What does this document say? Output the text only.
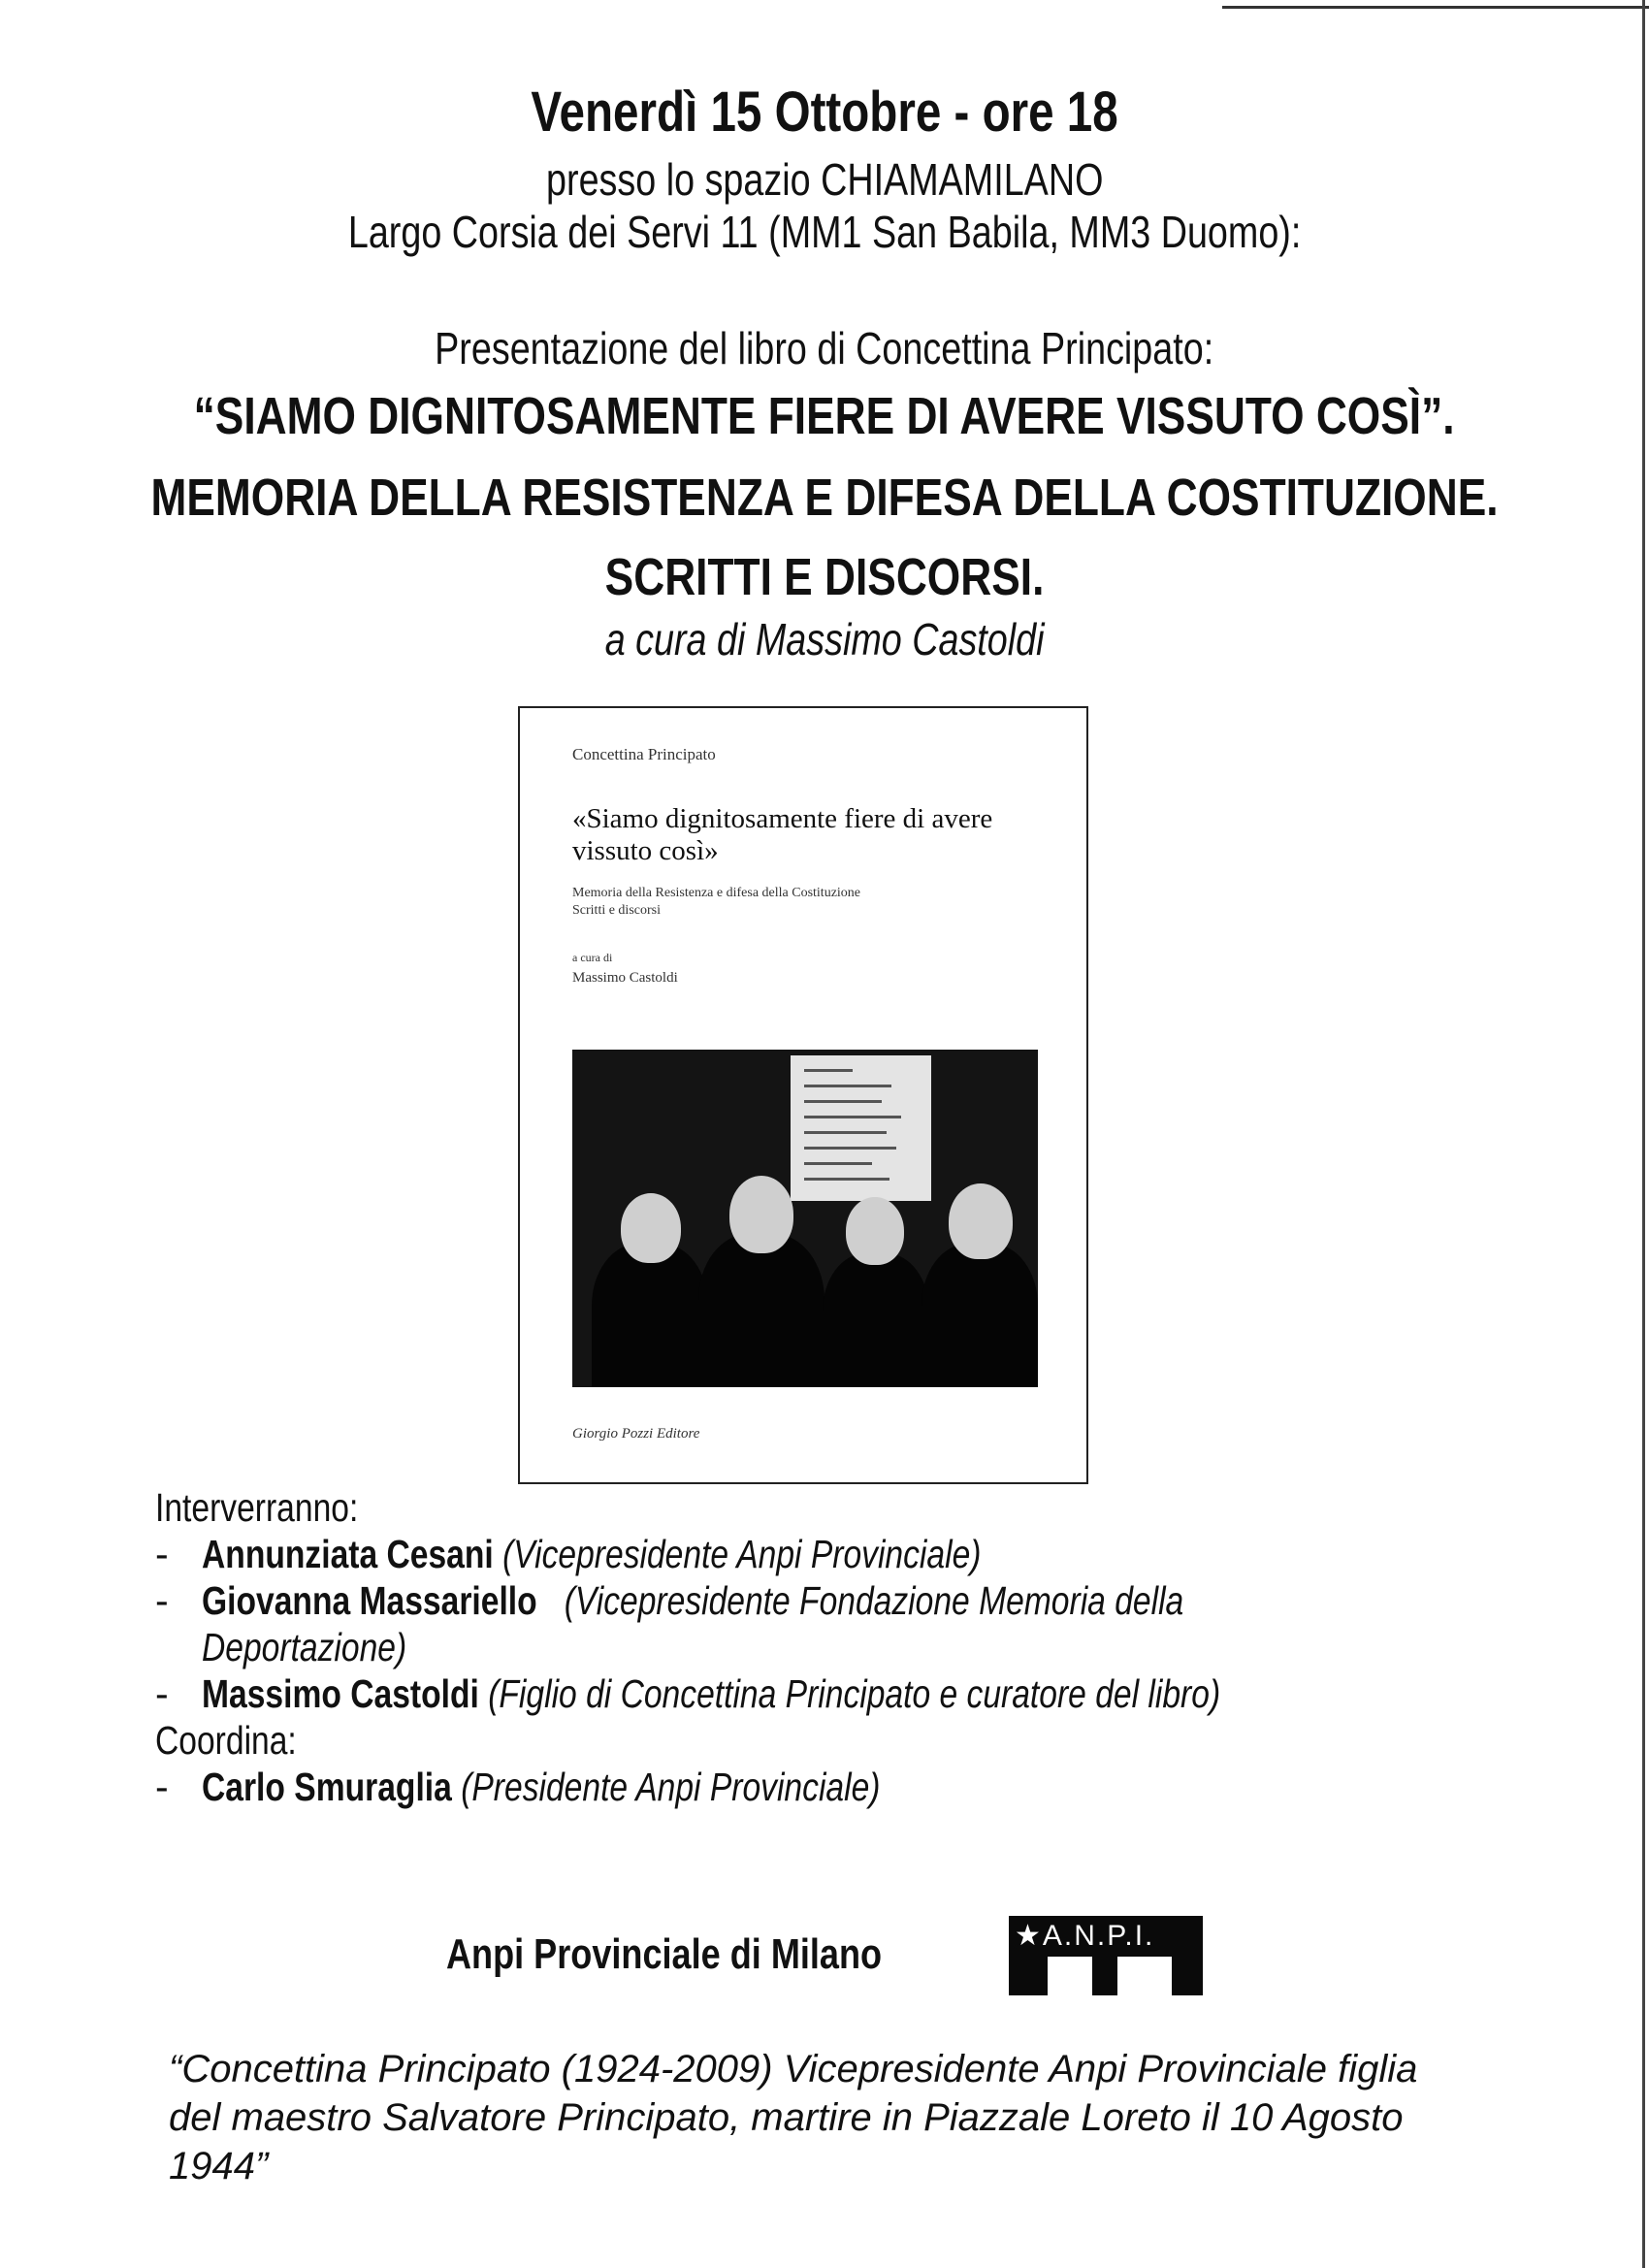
Venerdì 15 Ottobre - ore 18
presso lo spazio CHIAMAMILANO
Largo Corsia dei Servi 11 (MM1 San Babila, MM3 Duomo):
Presentazione del libro di Concettina Principato:
“SIAMO DIGNITOSAMENTE FIERE DI AVERE VISSUTO COSÌ”.
MEMORIA DELLA RESISTENZA E DIFESA DELLA COSTITUZIONE.
SCRITTI E DISCORSI.
a cura di Massimo Castoldi
Concettina Principato
«Siamo dignitosamente fiere di avere vissuto così»
Memoria della Resistenza e difesa della Costituzione
Scritti e discorsi
a cura di
Massimo Castoldi
Giorgio Pozzi Editore
Interverranno:
- Annunziata Cesani (Vicepresidente Anpi Provinciale)
- Giovanna Massariello (Vicepresidente Fondazione Memoria della
Deportazione)
- Massimo Castoldi (Figlio di Concettina Principato e curatore del libro)
Coordina:
- Carlo Smuraglia (Presidente Anpi Provinciale)
Anpi Provinciale di Milano	★A.N.P.I.
“Concettina Principato (1924-2009) Vicepresidente Anpi Provinciale figlia del maestro Salvatore Principato, martire in Piazzale Loreto il 10 Agosto 1944”
